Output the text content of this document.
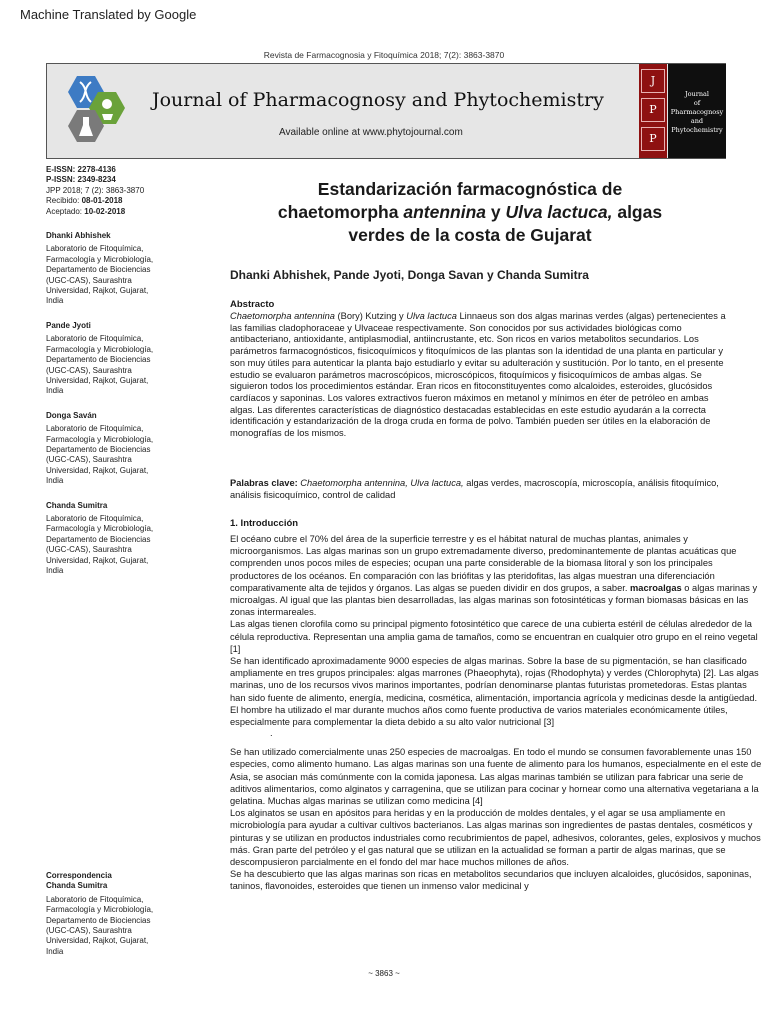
Machine Translated by Google
Revista de Farmacognosia y Fitoquímica 2018; 7(2): 3863-3870
Journal of Pharmacognosy and Phytochemistry
Available online at www.phytojournal.com
J
P
P
Journal
of
Pharmacognosy
and
Phytochemistry
E-ISSN: 2278-4136
P-ISSN: 2349-8234
JPP 2018; 7 (2): 3863-3870
Recibido: 08-01-2018
Aceptado: 10-02-2018
Dhanki Abhishek
Laboratorio de Fitoquímica,
Farmacología y Microbiología,
Departamento de Biociencias
(UGC-CAS), Saurashtra
Universidad, Rajkot, Gujarat,
India
Pande Jyoti
Laboratorio de Fitoquímica,
Farmacología y Microbiología,
Departamento de Biociencias
(UGC-CAS), Saurashtra
Universidad, Rajkot, Gujarat,
India
Donga Saván
Laboratorio de Fitoquímica,
Farmacología y Microbiología,
Departamento de Biociencias
(UGC-CAS), Saurashtra
Universidad, Rajkot, Gujarat,
India
Chanda Sumitra
Laboratorio de Fitoquímica,
Farmacología y Microbiología,
Departamento de Biociencias
(UGC-CAS), Saurashtra
Universidad, Rajkot, Gujarat,
India
Correspondencia
Chanda Sumitra
Laboratorio de Fitoquímica,
Farmacología y Microbiología,
Departamento de Biociencias
(UGC-CAS), Saurashtra
Universidad, Rajkot, Gujarat,
India
Estandarización farmacognóstica de
chaetomorpha antennina y Ulva lactuca, algas
verdes de la costa de Gujarat
Dhanki Abhishek, Pande Jyoti, Donga Savan y Chanda Sumitra
Abstracto

Chaetomorpha antennina (Bory) Kutzing y Ulva lactuca Linnaeus son dos algas marinas verdes (algas) pertenecientes a las familias cladophoraceae y Ulvaceae respectivamente. Son conocidos por sus actividades biológicas como antibacteriano, antioxidante, antiplasmodial, antiincrustante, etc. Son ricos en varios metabolitos secundarios. Los parámetros farmacognósticos, fisicoquímicos y fitoquímicos de las plantas son la identidad de una planta en particular y son muy útiles para autenticar la planta bajo estudiarlo y evitar su adulteración y sustitución. Por lo tanto, en el presente estudio se evaluaron parámetros macroscópicos, microscópicos, fitoquímicos y fisicoquímicos de ambas algas. Se siguieron todos los procedimientos estándar. Eran ricos en fitoconstituyentes como alcaloides, esteroides, glucósidos cardíacos y saponinas. Los valores extractivos fueron máximos en metanol y mínimos en éter de petróleo en ambas algas. Las diferentes características de diagnóstico destacadas establecidas en este estudio ayudarán a la correcta identificación y estandarización de la droga cruda en forma de polvo. También pueden ser útiles en la elaboración de monografías de los mismos.

Palabras clave: Chaetomorpha antennina, Ulva lactuca, algas verdes, macroscopía, microscopía, análisis fitoquímico, análisis fisicoquímico, control de calidad
1. Introducción

El océano cubre el 70% del área de la superficie terrestre y es el hábitat natural de muchas plantas, animales y microorganismos. Las algas marinas son un grupo extremadamente diverso, predominantemente de plantas acuáticas que comprenden unos pocos miles de especies; ocupan una parte considerable de la biomasa litoral y son los principales productores de los océanos. En comparación con las briófitas y las pteridofitas, las algas muestran una diferenciación comparativamente alta de tejidos y órganos. Las algas se pueden dividir en dos grupos, a saber. macroalgas o algas marinas y microalgas. Al igual que las plantas bien desarrolladas, las algas marinas son fotosintéticas y forman biomasas básicas en las zonas intermareales.

Las algas tienen clorofila como su principal pigmento fotosintético que carece de una cubierta estéril de células alrededor de la célula reproductiva. Representan una amplia gama de tamaños, como se encuentran en cualquier otro grupo en el reino vegetal [1]

Se han identificado aproximadamente 9000 especies de algas marinas. Sobre la base de su pigmentación, se han clasificado ampliamente en tres grupos principales: algas marrones (Phaeophyta), rojas (Rhodophyta) y verdes (Chlorophyta) [2]. Las algas marinas, uno de los recursos vivos marinos importantes, podrían denominarse plantas futuristas prometedoras. Estas plantas han sido fuente de alimento, energía, medicina, cosmética, alimentación, importancia agrícola y medicinas desde la antigüedad. El hombre ha utilizado el mar durante muchos años como fuente productiva de varios materiales económicamente útiles, especialmente para complementar la dieta debido a su alto valor nutricional [3]

.

Se han utilizado comercialmente unas 250 especies de macroalgas. En todo el mundo se consumen favorablemente unas 150 especies, como alimento humano. Las algas marinas son una fuente de alimento para los humanos, especialmente en el este de Asia, se asocian más comúnmente con la comida japonesa. Las algas marinas también se utilizan para fabricar una serie de aditivos alimentarios, como alginatos y carragenina, que se utilizan para cocinar y hornear como una alternativa vegetariana a la gelatina. Muchas algas marinas se utilizan como medicina [4]

Los alginatos se usan en apósitos para heridas y en la producción de moldes dentales, y el agar se usa ampliamente en microbiología para ayudar a cultivar cultivos bacterianos. Las algas marinas son ingredientes de pastas dentales, cosméticos y pinturas y se utilizan en productos industriales como recubrimientos de papel, adhesivos, colorantes, geles, explosivos y muchos más. Gran parte del petróleo y el gas natural que se utilizan en la actualidad se forman a partir de algas marinas, que se descompusieron parcialmente en el fondo del mar hace muchos millones de años.

Se ha descubierto que las algas marinas son ricas en metabolitos secundarios que incluyen alcaloides, glucósidos, saponinas, taninos, flavonoides, esteroides que tienen un inmenso valor medicinal y

~ 3863 ~
